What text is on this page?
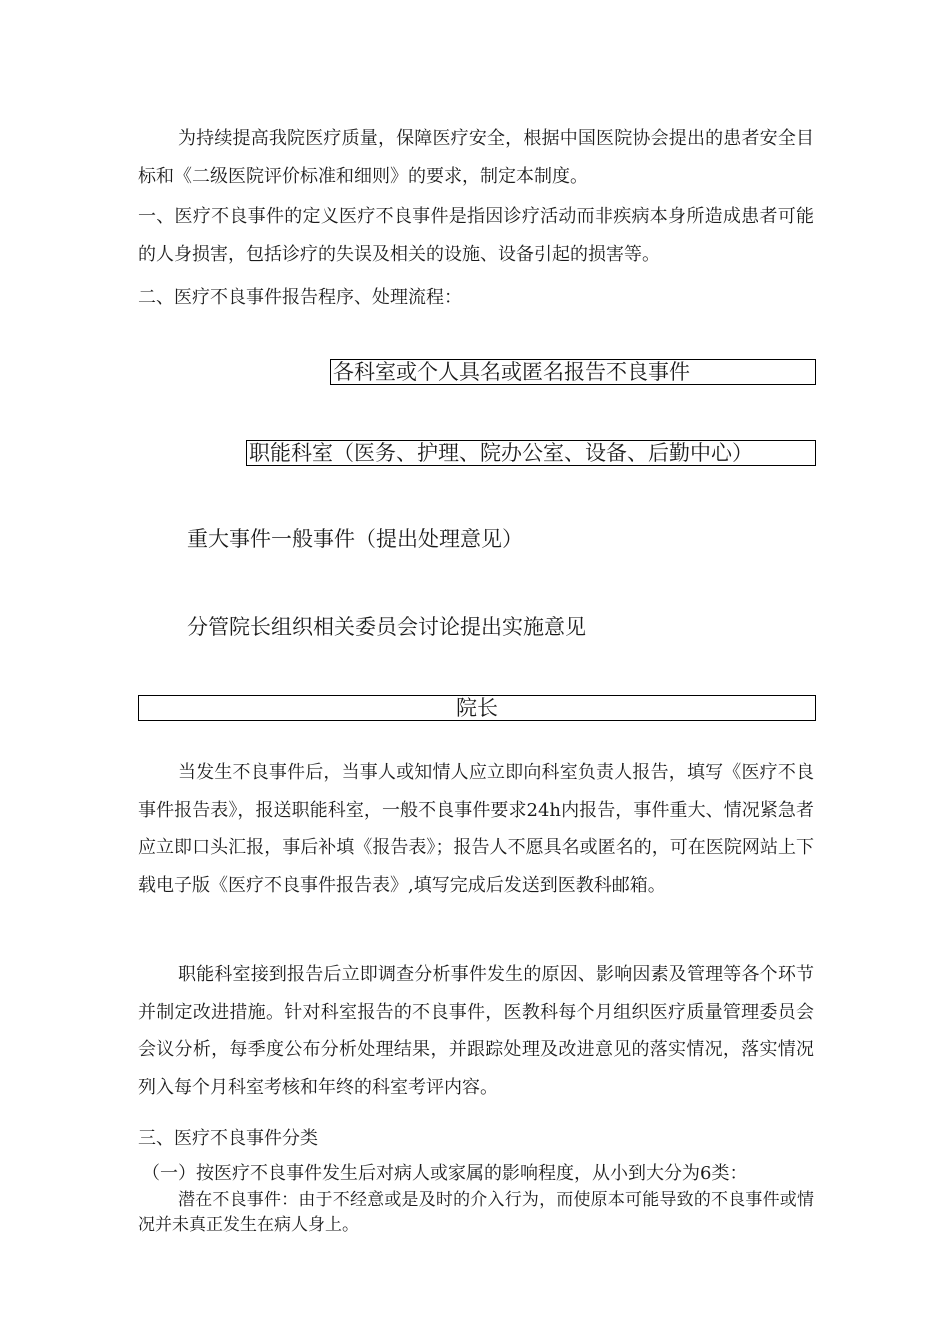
为持续提高我院医疗质量，保障医疗安全，根据中国医院协会提出的患者安全目标和《二级医院评价标准和细则》的要求，制定本制度。

一、医疗不良事件的定义医疗不良事件是指因诊疗活动而非疾病本身所造成患者可能的人身损害，包括诊疗的失误及相关的设施、设备引起的损害等。

二、医疗不良事件报告程序、处理流程：

各科室或个人具名或匿名报告不良事件
职能科室（医务、护理、院办公室、设备、后勤中心）

重大事件一般事件（提出处理意见）

分管院长组织相关委员会讨论提出实施意见

院长

当发生不良事件后，当事人或知情人应立即向科室负责人报告，填写《医疗不良事件报告表》，报送职能科室，一般不良事件要求24h内报告，事件重大、情况紧急者应立即口头汇报，事后补填《报告表》；报告人不愿具名或匿名的，可在医院网站上下载电子版《医疗不良事件报告表》,填写完成后发送到医教科邮箱。

职能科室接到报告后立即调查分析事件发生的原因、影响因素及管理等各个环节并制定改进措施。针对科室报告的不良事件，医教科每个月组织医疗质量管理委员会会议分析，每季度公布分析处理结果，并跟踪处理及改进意见的落实情况，落实情况列入每个月科室考核和年终的科室考评内容。

三、医疗不良事件分类

（一）按医疗不良事件发生后对病人或家属的影响程度，从小到大分为6类：

潜在不良事件：由于不经意或是及时的介入行为，而使原本可能导致的不良事件或情况并未真正发生在病人身上。
